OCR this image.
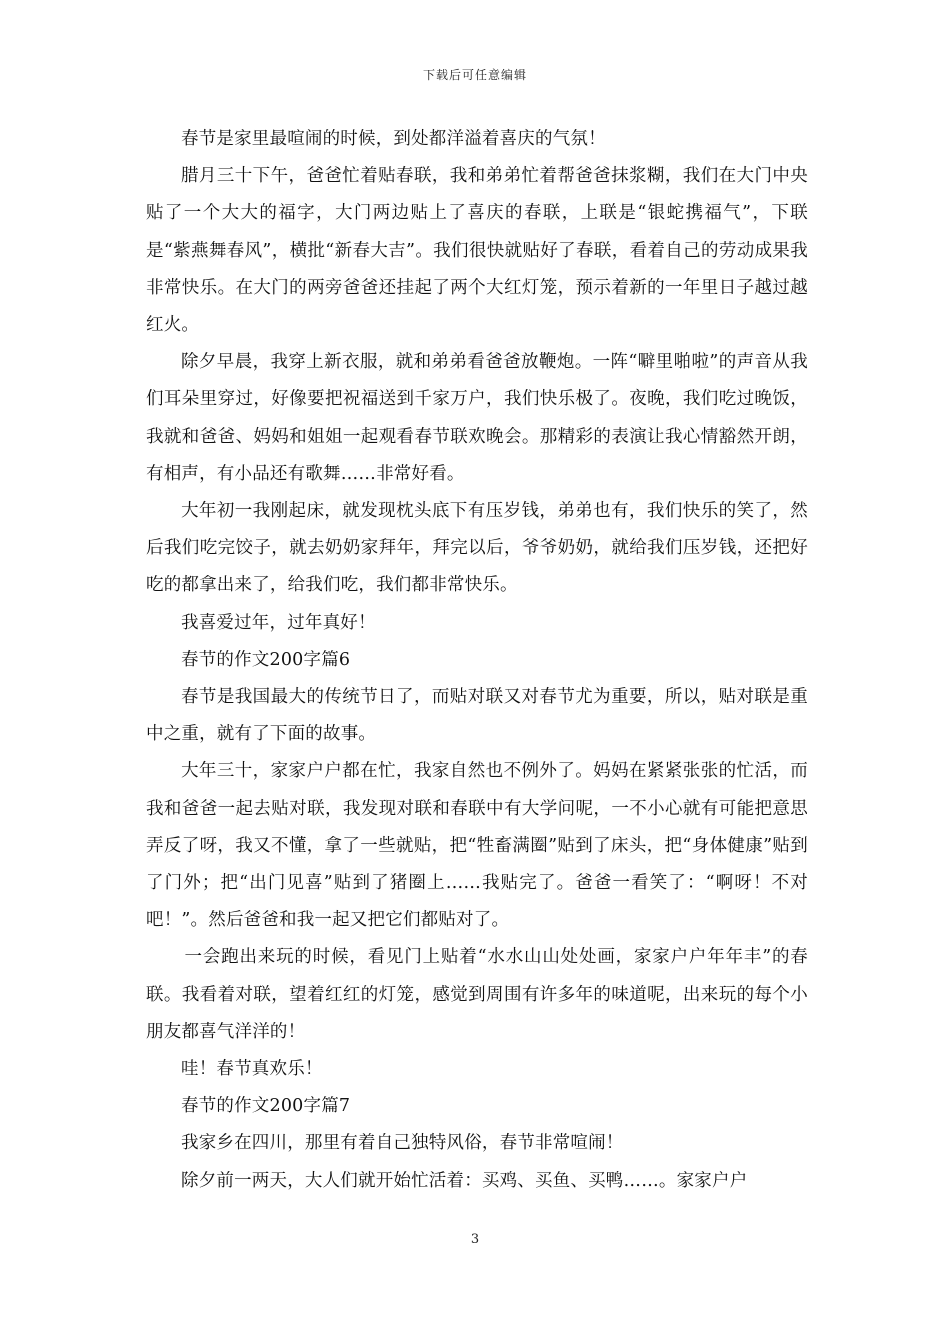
下载后可任意编辑

春节是家里最喧闹的时候，到处都洋溢着喜庆的气氛！

腊月三十下午，爸爸忙着贴春联，我和弟弟忙着帮爸爸抹浆糊，我们在大门中央贴了一个大大的福字，大门两边贴上了喜庆的春联，上联是“银蛇携福气”，下联是“紫燕舞春风”，横批“新春大吉”。我们很快就贴好了春联，看着自己的劳动成果我非常快乐。在大门的两旁爸爸还挂起了两个大红灯笼，预示着新的一年里日子越过越红火。

除夕早晨，我穿上新衣服，就和弟弟看爸爸放鞭炮。一阵“噼里啪啦”的声音从我们耳朵里穿过，好像要把祝福送到千家万户，我们快乐极了。夜晚，我们吃过晚饭，我就和爸爸、妈妈和姐姐一起观看春节联欢晚会。那精彩的表演让我心情豁然开朗，有相声，有小品还有歌舞……非常好看。

大年初一我刚起床，就发现枕头底下有压岁钱，弟弟也有，我们快乐的笑了，然后我们吃完饺子，就去奶奶家拜年，拜完以后，爷爷奶奶，就给我们压岁钱，还把好吃的都拿出来了，给我们吃，我们都非常快乐。

我喜爱过年，过年真好！

春节的作文200字篇6

春节是我国最大的传统节日了，而贴对联又对春节尤为重要，所以，贴对联是重中之重，就有了下面的故事。

大年三十，家家户户都在忙，我家自然也不例外了。妈妈在紧紧张张的忙活，而我和爸爸一起去贴对联，我发现对联和春联中有大学问呢，一不小心就有可能把意思弄反了呀，我又不懂，拿了一些就贴，把“牲畜满圈”贴到了床头，把“身体健康”贴到了门外；把“出门见喜”贴到了猪圈上……我贴完了。爸爸一看笑了：“啊呀！不对吧！”。然后爸爸和我一起又把它们都贴对了。

一会跑出来玩的时候，看见门上贴着“水水山山处处画，家家户户年年丰”的春联。我看着对联，望着红红的灯笼，感觉到周围有许多年的味道呢，出来玩的每个小朋友都喜气洋洋的！

哇！春节真欢乐！

春节的作文200字篇7

我家乡在四川，那里有着自己独特风俗，春节非常喧闹！

除夕前一两天，大人们就开始忙活着：买鸡、买鱼、买鸭……。家家户户

3
